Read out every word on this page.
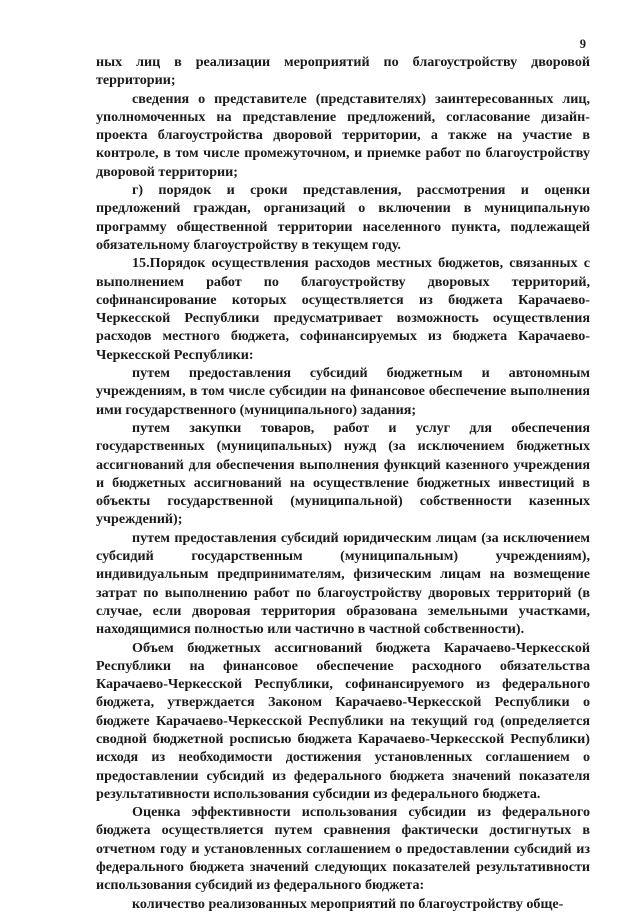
9

ных лиц в реализации мероприятий по благоустройству дворовой территории;

сведения о представителе (представителях) заинтересованных лиц, уполномоченных на представление предложений, согласование дизайн-проекта благоустройства дворовой территории, а также на участие в контроле, в том числе промежуточном, и приемке работ по благоустройству дворовой территории;

г) порядок и сроки представления, рассмотрения и оценки предложений граждан, организаций о включении в муниципальную программу общественной территории населенного пункта, подлежащей обязательному благоустройству в текущем году.

15.Порядок осуществления расходов местных бюджетов, связанных с выполнением работ по благоустройству дворовых территорий, софинансирование которых осуществляется из бюджета Карачаево-Черкесской Республики предусматривает возможность осуществления расходов местного бюджета, софинансируемых из бюджета Карачаево-Черкесской Республики:

путем предоставления субсидий бюджетным и автономным учреждениям, в том числе субсидии на финансовое обеспечение выполнения ими государственного (муниципального) задания;

путем закупки товаров, работ и услуг для обеспечения государственных (муниципальных) нужд (за исключением бюджетных ассигнований для обеспечения выполнения функций казенного учреждения и бюджетных ассигнований на осуществление бюджетных инвестиций в объекты государственной (муниципальной) собственности казенных учреждений);

путем предоставления субсидий юридическим лицам (за исключением субсидий государственным (муниципальным) учреждениям), индивидуальным предпринимателям, физическим лицам на возмещение затрат по выполнению работ по благоустройству дворовых территорий (в случае, если дворовая территория образована земельными участками, находящимися полностью или частично в частной собственности).

Объем бюджетных ассигнований бюджета Карачаево-Черкесской Республики на финансовое обеспечение расходного обязательства Карачаево-Черкесской Республики, софинансируемого из федерального бюджета, утверждается Законом Карачаево-Черкесской Республики о бюджете Карачаево-Черкесской Республики на текущий год (определяется сводной бюджетной росписью бюджета Карачаево-Черкесской Республики) исходя из необходимости достижения установленных соглашением о предоставлении субсидий из федерального бюджета значений показателя результативности использования субсидии из федерального бюджета.

Оценка эффективности использования субсидии из федерального бюджета осуществляется путем сравнения фактически достигнутых в отчетном году и установленных соглашением о предоставлении субсидий из федерального бюджета значений следующих показателей результативности использования субсидий из федерального бюджета:

количество реализованных мероприятий по благоустройству обще-
